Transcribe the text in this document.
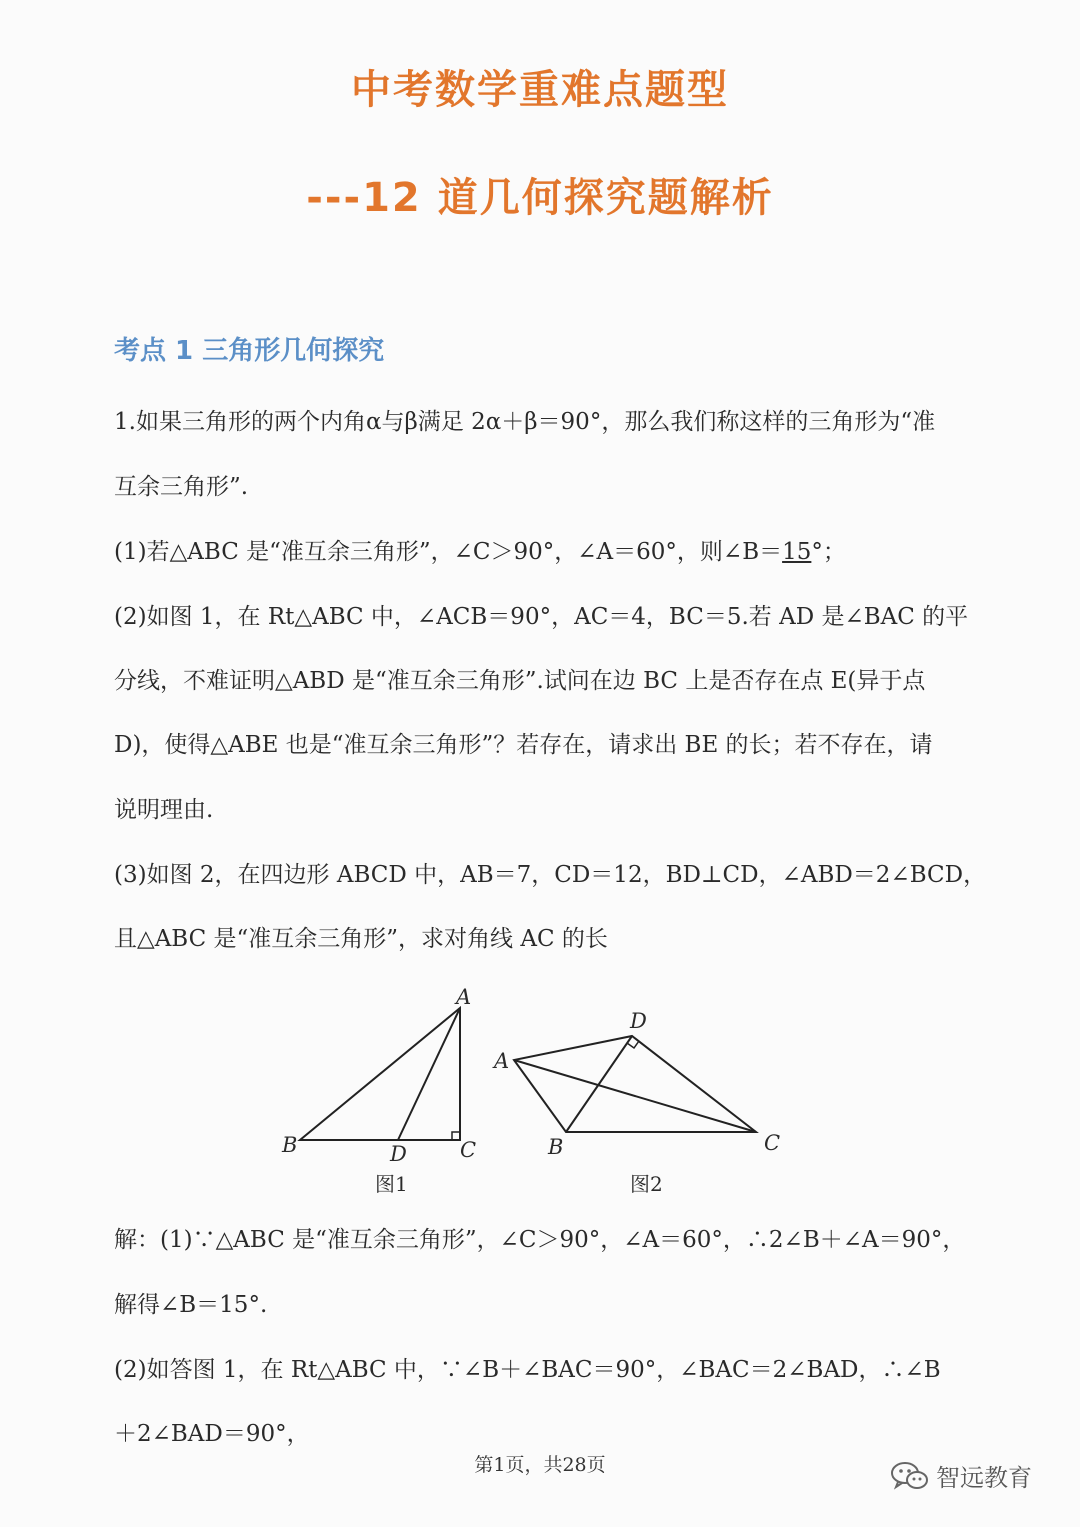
中考数学重难点题型
---12 道几何探究题解析
考点 1 三角形几何探究

1.如果三角形的两个内角α与β满足 2α＋β＝90°，那么我们称这样的三角形为“准

互余三角形”.

(1)若△ABC 是“准互余三角形”，∠C＞90°，∠A＝60°，则∠B＝15°；

(2)如图 1，在 Rt△ABC 中，∠ACB＝90°，AC＝4，BC＝5.若 AD 是∠BAC 的平

分线，不难证明△ABD 是“准互余三角形”.试问在边 BC 上是否存在点 E(异于点

D)，使得△ABE 也是“准互余三角形”？若存在，请求出 BE 的长；若不存在，请

说明理由.

(3)如图 2，在四边形 ABCD 中，AB＝7，CD＝12，BD⊥CD，∠ABD＝2∠BCD，

且△ABC 是“准互余三角形”，求对角线 AC 的长

A
B	C
D
图1
A
B	C
D
图2

解：(1)∵△ABC 是“准互余三角形”，∠C＞90°，∠A＝60°，∴2∠B＋∠A＝90°，

解得∠B＝15°.

(2)如答图 1，在 Rt△ABC 中，∵∠B＋∠BAC＝90°，∠BAC＝2∠BAD，∴∠B

＋2∠BAD＝90°，

第1页，共28页	智远教育
